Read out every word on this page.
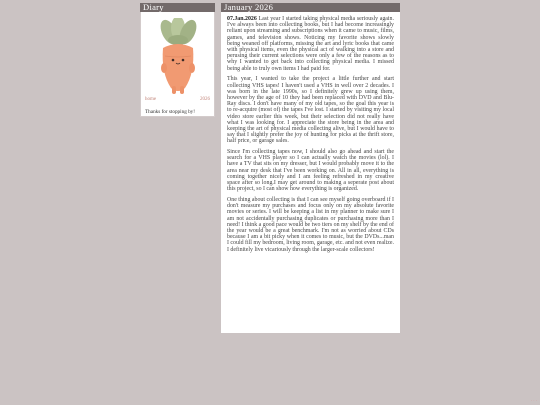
Diary
home	2026
Thanks for stopping by!
January 2026

07.Jan.2026 Last year I started taking physical media seriously again. I've always been into collecting books, but I had become increasingly reliant upon streaming and subscriptions when it came to music, films, games, and television shows. Noticing my favorite shows slowly being weaned off platforms, missing the art and lyric books that came with physical items, even the physical act of walking into a store and perusing their current selections were only a few of the reasons as to why I wanted to get back into collecting physical media. I missed being able to truly own items I had paid for.

This year, I wanted to take the project a little further and start collecting VHS tapes! I haven't used a VHS in well over 2 decades. I was born in the late 1990s, so I definitely grew up using them, however by the age of 10 they had been replaced with DVD and Blu-Ray discs. I don't have many of my old tapes, so the goal this year is to re-acquire (most of) the tapes I've lost. I started by visiting my local video store earlier this week, but their selection did not really have what I was looking for. I appreciate the store being in the area and keeping the art of physical media collecting alive, but I would have to say that I slightly prefer the joy of hunting for picks at the thrift store, half price, or garage sales.

Since I'm collecting tapes now, I should also go ahead and start the search for a VHS player so I can actually watch the movies (lol). I have a TV that sits on my dresser, but I would probably move it to the area near my desk that I've been working on. All in all, everything is coming together nicely and I am feeling refreshed in my creative space after so long.I may get around to making a seperate post about this project, so I can show how everything is organized.

One thing about collecting is that I can see myself going overboard if I don't measure my purchases and focus only on my absolute favorite movies or series. I will be keeping a list in my planner to make sure I am not accidentally purchasing duplicates or purchasing more than I need! I think a good pace would be two tiers on my shelf by the end of the year would be a great benchmark. I'm not as worried about CDs because I am a bit picky when it comes to music, but the DVDs...man I could fill my bedroom, living room, garage, etc. and not even realize. I definitely live vicariously through the larger-scale collectors!

· · ·
